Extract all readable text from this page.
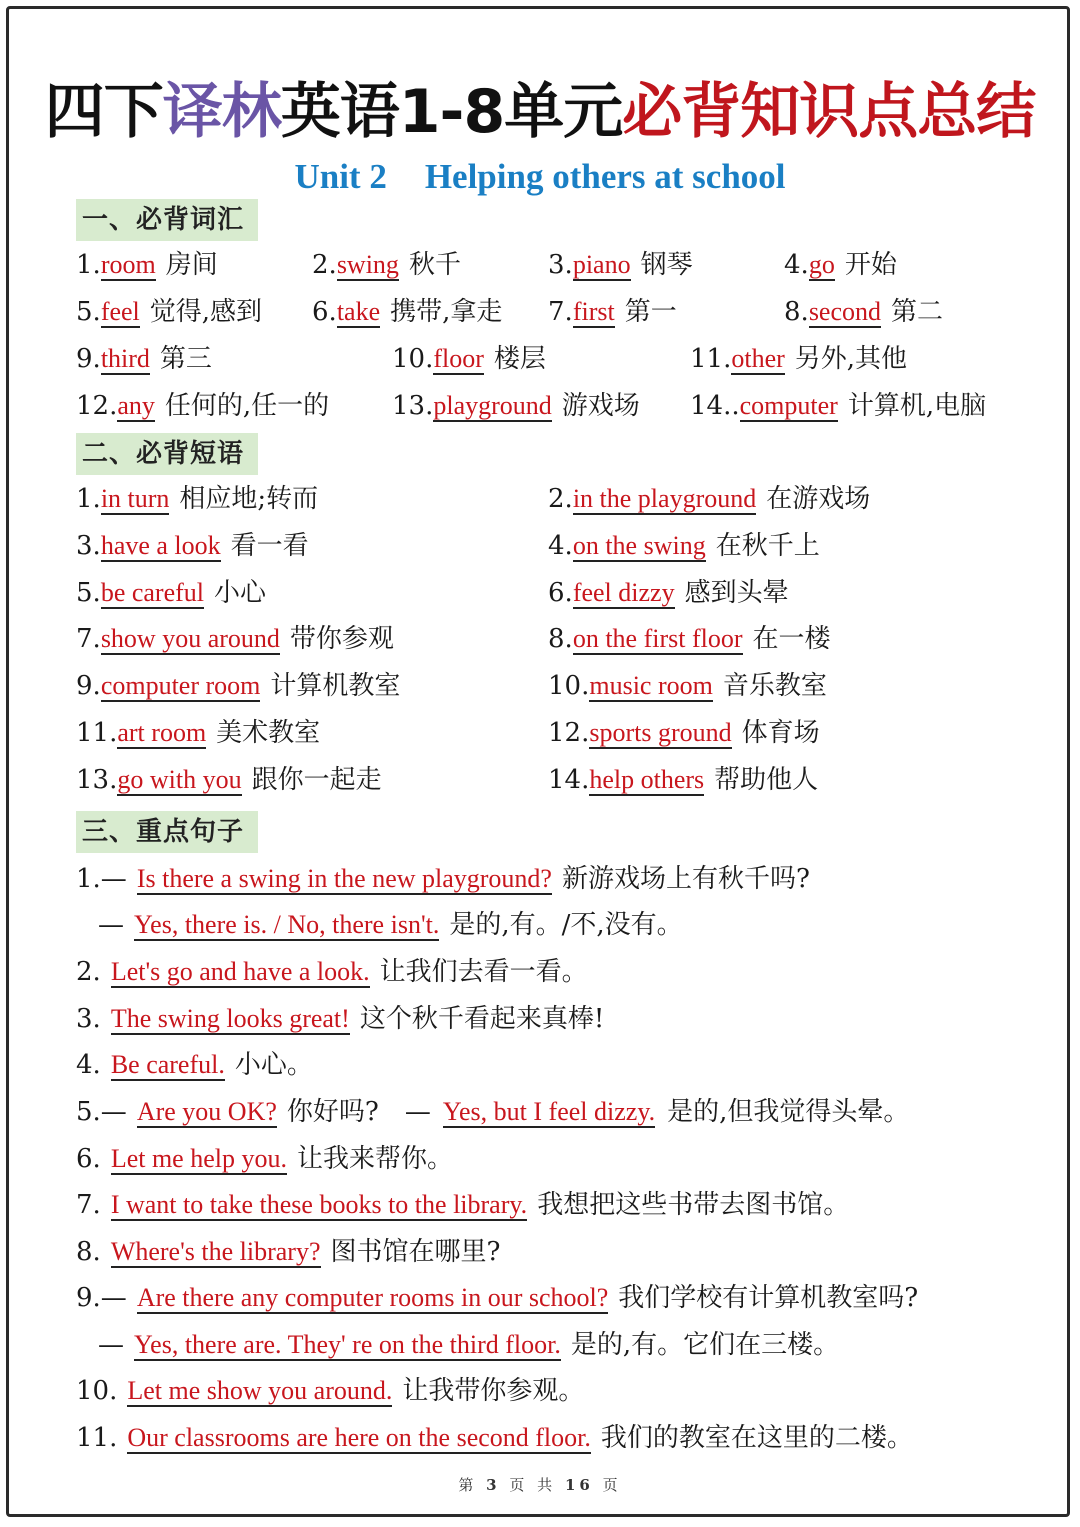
四下译林英语1-8单元必背知识点总结
Unit 2 Helping others at school
一、必背词汇
二、必背短语
三、重点句子
1.room 房间	2.swing 秋千	3.piano 钢琴	4.go 开始
5.feel 觉得,感到 6.take 携带,拿走 7.first 第一	8.second 第二
9.third 第三	10.floor 楼层	11.other 另外,其他
12.any 任何的,任一的 13.playground 游戏场 14..computer 计算机,电脑
1.in turn 相应地;转而	2.in the playground 在游戏场
3.have a look 看一看	4.on the swing 在秋千上
5.be careful 小心	6.feel dizzy 感到头晕
7.show you around 带你参观	8.on the first floor 在一楼
9.computer room 计算机教室	10.music room 音乐教室
11.art room 美术教室	12.sports ground 体育场
13.go with you 跟你一起走	14.help others 帮助他人
1.— Is there a swing in the new playground? 新游戏场上有秋千吗?
— Yes, there is. / No, there isn't. 是的,有。/不,没有。
2. Let's go and have a look. 让我们去看一看。
3. The swing looks great! 这个秋千看起来真棒!
4. Be careful. 小心。
5.— Are you OK? 你好吗? — Yes, but I feel dizzy. 是的,但我觉得头晕。
6. Let me help you. 让我来帮你。
7. I want to take these books to the library. 我想把这些书带去图书馆。
8. Where's the library? 图书馆在哪里?
9.— Are there any computer rooms in our school? 我们学校有计算机教室吗?
— Yes, there are. They' re on the third floor. 是的,有。它们在三楼。
10. Let me show you around. 让我带你参观。
11. Our classrooms are here on the second floor. 我们的教室在这里的二楼。
第 3 页 共 16 页
